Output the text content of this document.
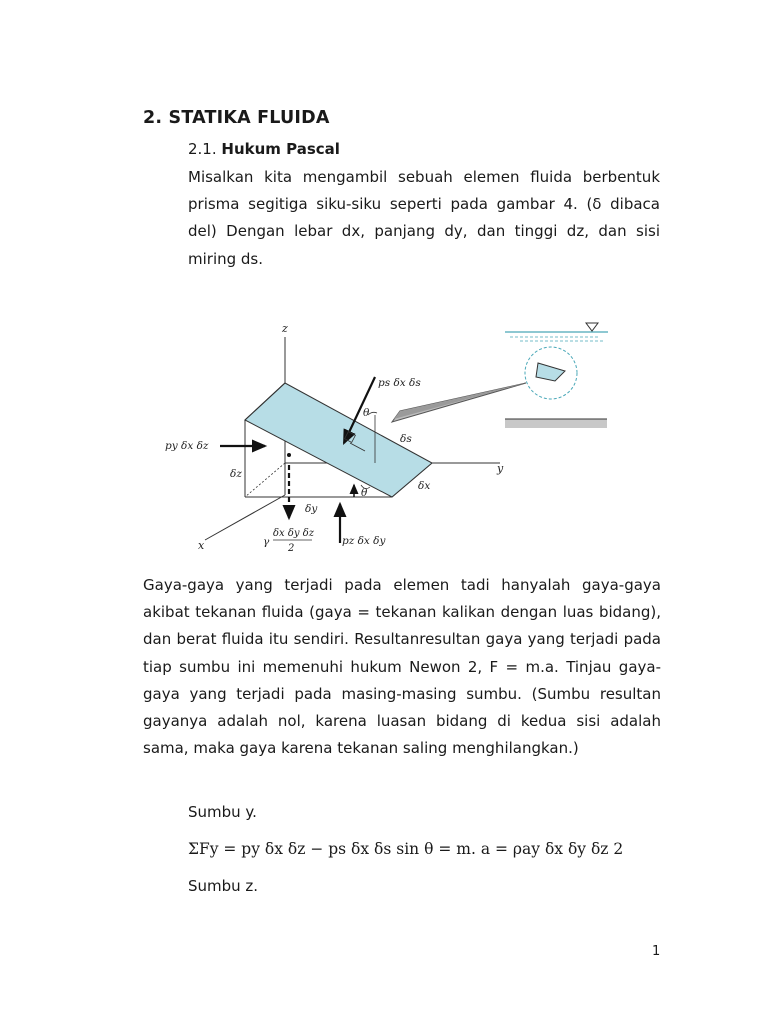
2. STATIKA FLUIDA
2.1. Hukum Pascal
Misalkan kita mengambil sebuah elemen fluida berbentuk
prisma segitiga siku-siku seperti pada gambar 4. (δ dibaca
del) Dengan lebar dx, panjang dy, dan tinggi dz, dan sisi
miring ds.
z
y
x
ps δx δs
θ
δs
py δx δz
δz
θ
δx
δy
γ
δx δy δz
2
pz δx δy
Gaya-gaya yang terjadi pada elemen tadi hanyalah gaya-gaya
akibat tekanan fluida (gaya = tekanan kalikan dengan luas bidang),
dan berat fluida itu sendiri. Resultanresultan gaya yang terjadi pada
tiap sumbu ini memenuhi hukum Newon 2, F = m.a. Tinjau gaya-
gaya yang terjadi pada masing-masing sumbu. (Sumbu resultan
gayanya adalah nol, karena luasan bidang di kedua sisi adalah
sama, maka gaya karena tekanan saling menghilangkan.)
Sumbu y.
ΣFy = py δx δz − ps δx δs sin θ = m. a = ρay δx δy δz 2
Sumbu z.
1
